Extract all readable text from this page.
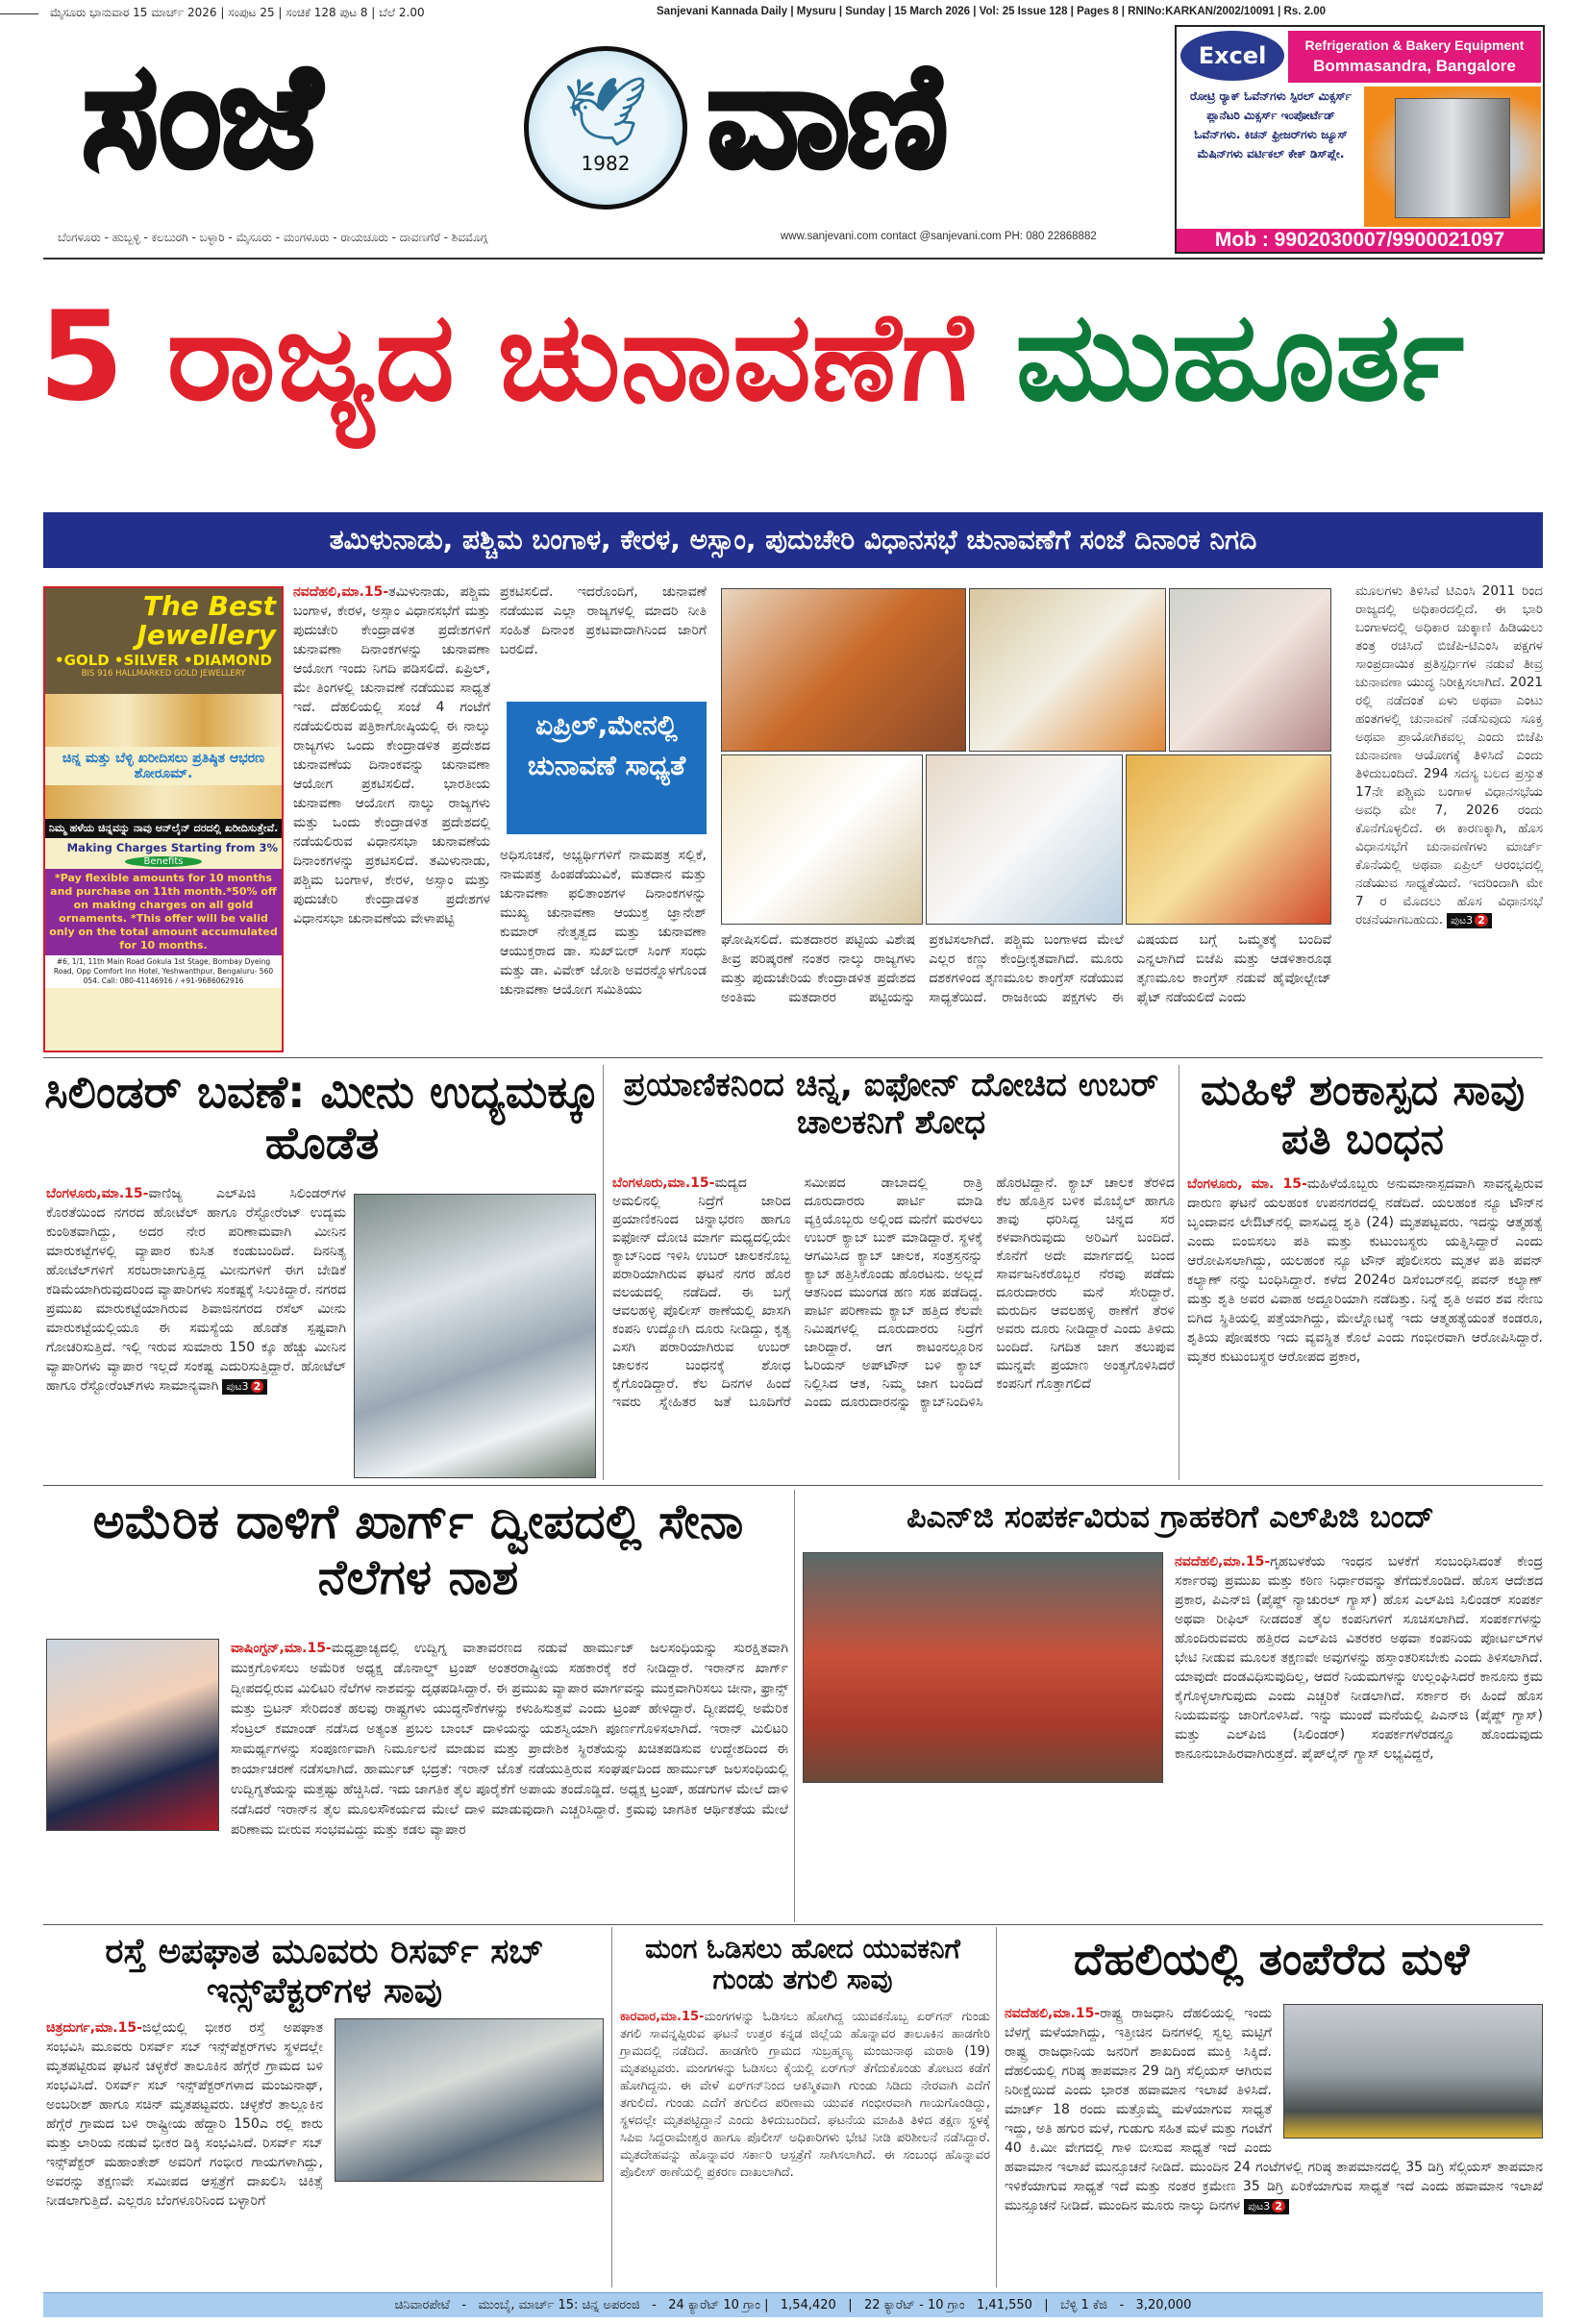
ಮೈಸೂರು ಭಾನುವಾರ 15 ಮಾರ್ಚ್ 2026 | ಸಂಪುಟ 25 | ಸಂಚಿಕೆ 128 ಪುಟ 8 | ಬೆಲೆ 2.00	Sanjevani Kannada Daily | Mysuru | Sunday | 15 March 2026 | Vol: 25 Issue 128 | Pages 8 | RNINo:KARKAN/2002/10091 | Rs. 2.00
ಸಂಜೆ	🕊
1982 ವಾಣಿ
ಬೆಂಗಳೂರು - ಹುಬ್ಬಳ್ಳಿ - ಕಲಬುರಗಿ - ಬಳ್ಳಾರಿ - ಮೈಸೂರು - ಮಂಗಳೂರು - ರಾಯಚೂರು - ದಾವಣಗೆರೆ - ಶಿವಮೊಗ್ಗ	www.sanjevani.com contact @sanjevani.com PH: 080 22868882
Excel	Refrigeration & Bakery Equipment
Bommasandra, Bangalore
ರೋಟ್ರಿ ರ್‍ಯಾಕ್ ಓವೆನ್‌ಗಳು ಸ್ಪಿರಲ್ ಮಿಕ್ಸರ್ಸ್ ಪ್ಲಾನೆಟರಿ ಮಿಕ್ಸರ್ಸ್ ಇಂಪೋರ್ಟೆಡ್ ಓವೆನ್‌ಗಳು. ಕಿಚನ್ ಫ್ರೀಜರ್‌ಗಳು ಜ್ಯೂಸ್ ಮೆಷಿನ್‌ಗಳು ವರ್ಟಿಕಲ್ ಕೇಕ್ ಡಿಸ್‌ಪ್ಲೇ.
Mob : 9902030007/9900021097
5 ರಾಜ್ಯದ ಚುನಾವಣೆಗೆ ಮುಹೂರ್ತ
ತಮಿಳುನಾಡು, ಪಶ್ಚಿಮ ಬಂಗಾಳ, ಕೇರಳ, ಅಸ್ಸಾಂ, ಪುದುಚೇರಿ ವಿಧಾನಸಭೆ ಚುನಾವಣೆಗೆ ಸಂಜೆ ದಿನಾಂಕ ನಿಗದಿ
The Best
Jewellery
•GOLD •SILVER •DIAMOND
BIS 916 HALLMARKED GOLD JEWELLERY
ಚಿನ್ನ ಮತ್ತು ಬೆಳ್ಳಿ ಖರೀದಿಸಲು ಪ್ರತಿಷ್ಠಿತ ಆಭರಣ ಶೋರೂಮ್.
ನಿಮ್ಮ ಹಳೆಯ ಚಿನ್ನವನ್ನು ನಾವು ಆನ್‌ಲೈನ್ ದರದಲ್ಲಿ ಖರೀದಿಸುತ್ತೇವೆ.
Making Charges Starting from 3%
Benefits
*Pay flexible amounts for 10 months and purchase on 11th month.*50% off on making charges on all gold ornaments. *This offer will be valid only on the total amount accumulated for 10 months.
#6, 1/1, 11th Main Road Gokula 1st Stage, Bombay Dyeing Road, Opp Comfort Inn Hotel, Yeshwanthpur, Bengaluru- 560 054. Call: 080-41146916 / +91-9686062916
ನವದೆಹಲಿ,ಮಾ.15-ತಮಿಳುನಾಡು, ಪಶ್ಚಿಮ ಬಂಗಾಳ, ಕೇರಳ, ಅಸ್ಸಾಂ ವಿಧಾನಸಭೆಗೆ ಮತ್ತು ಪುದುಚೇರಿ ಕೇಂದ್ರಾಡಳಿತ ಪ್ರದೇಶಗಳಿಗೆ ಚುನಾವಣಾ ದಿನಾಂಕಗಳನ್ನು ಚುನಾವಣಾ ಆಯೋಗ ಇಂದು ನಿಗದಿ ಪಡಿಸಲಿದೆ. ಏಪ್ರಿಲ್, ಮೇ ತಿಂಗಳಲ್ಲಿ ಚುನಾವಣೆ ನಡೆಯುವ ಸಾಧ್ಯತೆ ಇದೆ. ದೆಹಲಿಯಲ್ಲಿ ಸಂಜೆ 4 ಗಂಟೆಗೆ ನಡೆಯಲಿರುವ ಪತ್ರಿಕಾಗೋಷ್ಠಿಯಲ್ಲಿ ಈ ನಾಲ್ಕು ರಾಜ್ಯಗಳು ಒಂದು ಕೇಂದ್ರಾಡಳಿತ ಪ್ರದೇಶದ ಚುನಾವಣೆಯ ದಿನಾಂಕವನ್ನು ಚುನಾವಣಾ ಆಯೋಗ ಪ್ರಕಟಿಸಲಿದೆ. ಭಾರತೀಯ ಚುನಾವಣಾ ಆಯೋಗ ನಾಲ್ಕು ರಾಜ್ಯಗಳು ಮತ್ತು ಒಂದು ಕೇಂದ್ರಾಡಳಿತ ಪ್ರದೇಶದಲ್ಲಿ ನಡೆಯಲಿರುವ ವಿಧಾನಸಭಾ ಚುನಾವಣೆಯ ದಿನಾಂಕಗಳನ್ನು ಪ್ರಕಟಿಸಲಿದೆ. ತಮಿಳುನಾಡು, ಪಶ್ಚಿಮ ಬಂಗಾಳ, ಕೇರಳ, ಅಸ್ಸಾಂ ಮತ್ತು ಪುದುಚೇರಿ ಕೇಂದ್ರಾಡಳಿತ ಪ್ರದೇಶಗಳ ವಿಧಾನಸಭಾ ಚುನಾವಣೆಯ ವೇಳಾಪಟ್ಟಿ
ಪ್ರಕಟಿಸಲಿದೆ. ಇದರೊಂದಿಗೆ, ಚುನಾವಣೆ ನಡೆಯುವ ಎಲ್ಲಾ ರಾಜ್ಯಗಳಲ್ಲಿ ಮಾದರಿ ನೀತಿ ಸಂಹಿತೆ ದಿನಾಂಕ ಪ್ರಕಟವಾದಾಗಿನಿಂದ ಜಾರಿಗೆ ಬರಲಿದೆ.
ಏಪ್ರಿಲ್,ಮೇನಲ್ಲಿ ಚುನಾವಣೆ ಸಾಧ್ಯತೆ
ಅಧಿಸೂಚನೆ, ಅಭ್ಯರ್ಥಿಗಳಿಗೆ ನಾಮಪತ್ರ ಸಲ್ಲಿಕೆ, ನಾಮಪತ್ರ ಹಿಂಪಡೆಯುವಿಕೆ, ಮತದಾನ ಮತ್ತು ಚುನಾವಣಾ ಫಲಿತಾಂಶಗಳ ದಿನಾಂಕಗಳನ್ನು ಮುಖ್ಯ ಚುನಾವಣಾ ಆಯುಕ್ತ ಜ್ಞಾನೇಶ್ ಕುಮಾರ್ ನೇತೃತ್ವದ ಮತ್ತು ಚುನಾವಣಾ ಆಯುಕ್ತರಾದ ಡಾ. ಸುಖ್‌ಬೀರ್ ಸಿಂಗ್ ಸಂಧು ಮತ್ತು ಡಾ. ವಿವೇಕ್ ಜೋಶಿ ಅವರನ್ನೊಳಗೊಂಡ ಚುನಾವಣಾ ಆಯೋಗ ಸಮಿತಿಯು
ಘೋಷಿಸಲಿದೆ. ಮತದಾರರ ಪಟ್ಟಿಯ ವಿಶೇಷ ತೀವ್ರ ಪರಿಷ್ಕರಣೆ ನಂತರ ನಾಲ್ಕು ರಾಜ್ಯಗಳು ಮತ್ತು ಪುದುಚೇರಿಯ ಕೇಂದ್ರಾಡಳಿತ ಪ್ರದೇಶದ ಅಂತಿಮ ಮತದಾರರ ಪಟ್ಟಿಯನ್ನು ಪ್ರಕಟಿಸಲಾಗಿದೆ. ಪಶ್ಚಿಮ ಬಂಗಾಳದ ಮೇಲೆ ಎಲ್ಲರ ಕಣ್ಣು ಕೇಂದ್ರೀಕೃತವಾಗಿದೆ. ಮೂರು ದಶಕಗಳಿಂದ ತೃಣಮೂಲ ಕಾಂಗ್ರೆಸ್ ನಡೆಯುವ ಸಾಧ್ಯತೆಯಿದೆ. ರಾಜಕೀಯ ಪಕ್ಷಗಳು ಈ ವಿಷಯದ ಬಗ್ಗೆ ಒಮ್ಮತಕ್ಕೆ ಬಂದಿವೆ ಎನ್ನಲಾಗಿದೆ ಬಿಜೆಪಿ ಮತ್ತು ಆಡಳಿತಾರೂಢ ತೃಣಮೂಲ ಕಾಂಗ್ರೆಸ್ ನಡುವೆ ಹೈವೋಲ್ಟೇಜ್ ಫೈಟ್ ನಡೆಯಲಿದೆ ಎಂದು
ಮೂಲಗಳು ತಿಳಿಸಿವೆ ಟಿಎಂಸಿ 2011 ರಿಂದ ರಾಜ್ಯದಲ್ಲಿ ಅಧಿಕಾರದಲ್ಲಿದೆ. ಈ ಭಾರಿ ಬಂಗಾಳದಲ್ಲಿ ಅಧಿಕಾರ ಚುಕ್ಕಾಣಿ ಹಿಡಿಯಲು ತಂತ್ರ ರಚಿಸಿದೆ ಬಿಜೆಪಿ-ಟಿಎಂಸಿ ಪಕ್ಷಗಳ ಸಾಂಪ್ರದಾಯಿಕ ಪ್ರತಿಸ್ಪರ್ಧಿಗಳ ನಡುವೆ ತೀವ್ರ ಚುನಾವಣಾ ಯುದ್ಧ ನಿರೀಕ್ಷಿಸಲಾಗಿದೆ. 2021 ರಲ್ಲಿ ನಡೆದಂತೆ ಏಳು ಅಥವಾ ಎಂಟು ಹಂತಗಳಲ್ಲಿ ಚುನಾವಣೆ ನಡೆಸುವುದು ಸೂಕ್ತ ಅಥವಾ ಪ್ರಾಯೋಗಿಕವಲ್ಲ ಎಂದು ಬಿಜೆಪಿ ಚುನಾವಣಾ ಆಯೋಗಕ್ಕೆ ತಿಳಿಸಿದೆ ಎಂದು ತಿಳಿದುಬಂದಿದೆ. 294 ಸದಸ್ಯ ಬಲದ ಪ್ರಸ್ತುತ 17ನೇ ಪಶ್ಚಿಮ ಬಂಗಾಳ ವಿಧಾನಸಭೆಯ ಅವಧಿ ಮೇ 7, 2026 ರಂದು ಕೊನೆಗೊಳ್ಳಲಿದೆ. ಈ ಕಾರಣಕ್ಕಾಗಿ, ಹೊಸ ವಿಧಾನಸಭೆಗೆ ಚುನಾವಣೆಗಳು ಮಾರ್ಚ್ ಕೊನೆಯಲ್ಲಿ ಅಥವಾ ಏಪ್ರಿಲ್ ಆರಂಭದಲ್ಲಿ ನಡೆಯುವ ಸಾಧ್ಯತೆಯಿದೆ. ಇದರಿಂದಾಗಿ ಮೇ 7 ರ ಮೊದಲು ಹೊಸ ವಿಧಾನಸಭೆ ರಚನೆಯಾಗಬಹುದು. ಪುಟ3 2
ಸಿಲಿಂಡರ್ ಬವಣೆ: ಮೀನು ಉದ್ಯಮಕ್ಕೂ ಹೊಡೆತ
ಬೆಂಗಳೂರು,ಮಾ.15-ವಾಣಿಜ್ಯ ಎಲ್‌ಪಿಜಿ ಸಿಲಿಂಡರ್‌ಗಳ ಕೊರತೆಯಿಂದ ನಗರದ ಹೋಟೆಲ್ ಹಾಗೂ ರೆಸ್ಟೋರೆಂಟ್ ಉದ್ಯಮ ಕುಂಠಿತವಾಗಿದ್ದು, ಅದರ ನೇರ ಪರಿಣಾಮವಾಗಿ ಮೀನಿನ ಮಾರುಕಟ್ಟೆಗಳಲ್ಲಿ ವ್ಯಾಪಾರ ಕುಸಿತ ಕಂಡುಬಂದಿದೆ. ದಿನನಿತ್ಯ ಹೋಟೆಲ್‌ಗಳಿಗೆ ಸರಬರಾಜಾಗುತ್ತಿದ್ದ ಮೀನುಗಳಿಗೆ ಈಗ ಬೇಡಿಕೆ ಕಡಿಮೆಯಾಗಿರುವುದರಿಂದ ವ್ಯಾಪಾರಿಗಳು ಸಂಕಷ್ಟಕ್ಕೆ ಸಿಲುಕಿದ್ದಾರೆ. ನಗರದ ಪ್ರಮುಖ ಮಾರುಕಟ್ಟೆಯಾಗಿರುವ ಶಿವಾಜಿನಗರದ ರಸೆಲ್ ಮೀನು ಮಾರುಕಟ್ಟೆಯಲ್ಲಿಯೂ ಈ ಸಮಸ್ಯೆಯ ಹೊಡೆತ ಸ್ಪಷ್ಟವಾಗಿ ಗೋಚರಿಸುತ್ತಿದೆ. ಇಲ್ಲಿ ಇರುವ ಸುಮಾರು 150 ಕ್ಕೂ ಹೆಚ್ಚು ಮೀನಿನ ವ್ಯಾಪಾರಿಗಳು ವ್ಯಾಪಾರ ಇಲ್ಲದೆ ಸಂಕಷ್ಟ ಎದುರಿಸುತ್ತಿದ್ದಾರೆ. ಹೋಟೆಲ್ ಹಾಗೂ ರೆಸ್ಟೋರೆಂಟ್‌ಗಳು ಸಾಮಾನ್ಯವಾಗಿ ಪುಟ3 2
ಪ್ರಯಾಣಿಕನಿಂದ ಚಿನ್ನ, ಐಫೋನ್ ದೋಚಿದ ಉಬರ್ ಚಾಲಕನಿಗೆ ಶೋಧ
ಬೆಂಗಳೂರು,ಮಾ.15-ಮದ್ಯದ ಅಮಲಿನಲ್ಲಿ ನಿದ್ರೆಗೆ ಜಾರಿದ ಪ್ರಯಾಣಿಕನಿಂದ ಚಿನ್ನಾಭರಣ ಹಾಗೂ ಐಫೋನ್ ದೋಚಿ ಮಾರ್ಗ ಮಧ್ಯದಲ್ಲಿಯೇ ಕ್ಯಾಬ್‌ನಿಂದ ಇಳಿಸಿ ಉಬರ್ ಚಾಲಕನೊಬ್ಬ ಪರಾರಿಯಾಗಿರುವ ಘಟನೆ ನಗರ ಹೊರ ವಲಯದಲ್ಲಿ ನಡೆದಿದೆ. ಈ ಬಗ್ಗೆ ಆವಲಹಳ್ಳಿ ಪೊಲೀಸ್ ಠಾಣೆಯಲ್ಲಿ ಖಾಸಗಿ ಕಂಪನಿ ಉದ್ಯೋಗಿ ದೂರು ನೀಡಿದ್ದು, ಕೃತ್ಯ ಎಸಗಿ ಪರಾರಿಯಾಗಿರುವ ಉಬರ್ ಚಾಲಕನ ಬಂಧನಕ್ಕೆ ಶೋಧ ಕೈಗೊಂಡಿದ್ದಾರೆ. ಕೆಲ ದಿನಗಳ ಹಿಂದೆ ಇವರು ಸ್ನೇಹಿತರ ಜತೆ ಬೂದಿಗೆರೆ ಸಮೀಪದ ಡಾಬಾದಲ್ಲಿ ರಾತ್ರಿ ದೂರುದಾರರು ಪಾರ್ಟಿ ಮಾಡಿ ವ್ಯಕ್ತಿಯೊಬ್ಬರು ಅಲ್ಲಿಂದ ಮನೆಗೆ ಮರಳಲು ಉಬರ್ ಕ್ಯಾಬ್ ಬುಕ್ ಮಾಡಿದ್ದಾರೆ. ಸ್ಥಳಕ್ಕೆ ಆಗಮಿಸಿದ ಕ್ಯಾಬ್ ಚಾಲಕ, ಸಂತ್ರಸ್ತನನ್ನು ಕ್ಯಾಬ್ ಹತ್ತಿಸಿಕೊಂಡು ಹೊರಟನು. ಅಲ್ಲದೆ ಆತನಿಂದ ಮುಂಗಡ ಹಣ ಸಹ ಪಡೆದಿದ್ದ. ಪಾರ್ಟಿ ಪರಿಣಾಮ ಕ್ಯಾಬ್ ಹತ್ತಿದ ಕೆಲವೇ ನಿಮಿಷಗಳಲ್ಲಿ ದೂರುದಾರರು ನಿದ್ರೆಗೆ ಜಾರಿದ್ದಾರೆ. ಆಗ ಕಾಟಂನಲ್ಲೂರಿನ ಓರಿಯನ್ ಅಪ್‌ಟೌನ್ ಬಳಿ ಕ್ಯಾಬ್ ನಿಲ್ಲಿಸಿದ ಆತ, ನಿಮ್ಮ ಜಾಗ ಬಂದಿದೆ ಎಂದು ದೂರುದಾರನನ್ನು ಕ್ಯಾಬ್‌ನಿಂದಿಳಿಸಿ ಹೊರಟಿದ್ದಾನೆ. ಕ್ಯಾಬ್ ಚಾಲಕ ತೆರಳಿದ ಕೆಲ ಹೊತ್ತಿನ ಬಳಿಕ ಮೊಬೈಲ್ ಹಾಗೂ ತಾವು ಧರಿಸಿದ್ದ ಚಿನ್ನದ ಸರ ಕಳವಾಗಿರುವುದು ಅರಿವಿಗೆ ಬಂದಿದೆ. ಕೊನೆಗೆ ಅದೇ ಮಾರ್ಗದಲ್ಲಿ ಬಂದ ಸಾರ್ವಜನಿಕರೊಬ್ಬರ ನೆರವು ಪಡೆದು ದೂರುದಾರರು ಮನೆ ಸೇರಿದ್ದಾರೆ. ಮರುದಿನ ಆವಲಹಳ್ಳಿ ಠಾಣೆಗೆ ತೆರಳಿ ಅವರು ದೂರು ನೀಡಿದ್ದಾರೆ ಎಂದು ತಿಳಿದು ಬಂದಿದೆ. ನಿಗದಿತ ಜಾಗ ತಲುಪುವ ಮುನ್ನವೇ ಪ್ರಯಾಣ ಅಂತ್ಯಗೊಳಿಸಿದರೆ ಕಂಪನಿಗೆ ಗೊತ್ತಾಗಲಿದೆ
ಮಹಿಳೆ ಶಂಕಾಸ್ಪದ ಸಾವು ಪತಿ ಬಂಧನ
ಬೆಂಗಳೂರು, ಮಾ. 15-ಮಹಿಳೆಯೊಬ್ಬರು ಅನುಮಾನಾಸ್ಪದವಾಗಿ ಸಾವನ್ನಪ್ಪಿರುವ ದಾರುಣ ಘಟನೆ ಯಲಹಂಕ ಉಪನಗರದಲ್ಲಿ ನಡೆದಿದೆ. ಯಲಹಂಕ ನ್ಯೂ ಟೌನ್‌ನ ಬೃಂದಾವನ ಲೇಔಟ್‌ನಲ್ಲಿ ವಾಸವಿದ್ದ ಶೃತಿ (24) ಮೃತಪಟ್ಟವರು. ಇದನ್ನು ಆತ್ಮಹತ್ಯೆ ಎಂದು ಬಿಂಬಿಸಲು ಪತಿ ಮತ್ತು ಕುಟುಂಬಸ್ಥರು ಯತ್ನಿಸಿದ್ದಾರೆ ಎಂದು ಆರೋಪಿಸಲಾಗಿದ್ದು, ಯಲಹಂಕ ನ್ಯೂ ಟೌನ್ ಪೊಲೀಸರು ಮೃತಳ ಪತಿ ಪವನ್ ಕಲ್ಯಾಣ್ ನನ್ನು ಬಂಧಿಸಿದ್ದಾರೆ. ಕಳೆದ 2024ರ ಡಿಸೆಂಬರ್‌ನಲ್ಲಿ ಪವನ್ ಕಲ್ಯಾಣ್ ಮತ್ತು ಶೃತಿ ಅವರ ವಿವಾಹ ಅದ್ದೂರಿಯಾಗಿ ನಡೆದಿತ್ತು. ನಿನ್ನೆ ಶೃತಿ ಅವರ ಶವ ನೇಣು ಬಿಗಿದ ಸ್ಥಿತಿಯಲ್ಲಿ ಪತ್ತೆಯಾಗಿದ್ದು, ಮೇಲ್ನೋಟಕ್ಕೆ ಇದು ಆತ್ಮಹತ್ಯೆಯಂತೆ ಕಂಡರೂ, ಶೃತಿಯ ಪೋಷಕರು ಇದು ವ್ಯವಸ್ಥಿತ ಕೊಲೆ ಎಂದು ಗಂಭೀರವಾಗಿ ಆರೋಪಿಸಿದ್ದಾರೆ. ಮೃತರ ಕುಟುಂಬಸ್ಥರ ಆರೋಪದ ಪ್ರಕಾರ,
ಅಮೆರಿಕ ದಾಳಿಗೆ ಖಾರ್ಗ್ ದ್ವೀಪದಲ್ಲಿ ಸೇನಾ ನೆಲೆಗಳ ನಾಶ
ವಾಷಿಂಗ್ಟನ್,ಮಾ.15-ಮಧ್ಯಪ್ರಾಚ್ಯದಲ್ಲಿ ಉದ್ವಿಗ್ನ ವಾತಾವರಣದ ನಡುವೆ ಹಾರ್ಮುಜ್ ಜಲಸಂಧಿಯನ್ನು ಸುರಕ್ಷಿತವಾಗಿ ಮುಕ್ತಗೊಳಿಸಲು ಅಮೆರಿಕ ಅಧ್ಯಕ್ಷ ಡೊನಾಲ್ಡ್ ಟ್ರಂಪ್ ಅಂತರರಾಷ್ಟ್ರೀಯ ಸಹಕಾರಕ್ಕೆ ಕರೆ ನೀಡಿದ್ದಾರೆ. ಇರಾನ್‌ನ ಖಾರ್ಗ್ ದ್ವೀಪದಲ್ಲಿರುವ ಮಿಲಿಟರಿ ನೆಲೆಗಳ ನಾಶವನ್ನು ದೃಢಪಡಿಸಿದ್ದಾರೆ. ಈ ಪ್ರಮುಖ ವ್ಯಾಪಾರ ಮಾರ್ಗವನ್ನು ಮುಕ್ತವಾಗಿರಿಸಲು ಚೀನಾ, ಫ್ರಾನ್ಸ್ ಮತ್ತು ಬ್ರಿಟನ್ ಸೇರಿದಂತೆ ಹಲವು ರಾಷ್ಟ್ರಗಳು ಯುದ್ಧನೌಕೆಗಳನ್ನು ಕಳುಹಿಸುತ್ತವೆ ಎಂದು ಟ್ರಂಪ್ ಹೇಳಿದ್ದಾರೆ. ದ್ವೀಪದಲ್ಲಿ ಅಮೆರಿಕ ಸೆಂಟ್ರಲ್ ಕಮಾಂಡ್ ನಡೆಸಿದ ಅತ್ಯಂತ ಪ್ರಬಲ ಬಾಂಬ್ ದಾಳಿಯನ್ನು ಯಶಸ್ವಿಯಾಗಿ ಪೂರ್ಣಗೊಳಿಸಲಾಗಿದೆ. ಇರಾನ್ ಮಿಲಿಟರಿ ಸಾಮರ್ಥ್ಯಗಳನ್ನು ಸಂಪೂರ್ಣವಾಗಿ ನಿರ್ಮೂಲನೆ ಮಾಡುವ ಮತ್ತು ಪ್ರಾದೇಶಿಕ ಸ್ಥಿರತೆಯನ್ನು ಖಚಿತಪಡಿಸುವ ಉದ್ದೇಶದಿಂದ ಈ ಕಾರ್ಯಾಚರಣೆ ನಡೆಸಲಾಗಿದೆ. ಹಾರ್ಮುಜ್ ಭದ್ರತೆ: ಇರಾನ್ ಜೊತೆ ನಡೆಯುತ್ತಿರುವ ಸಂಘರ್ಷದಿಂದ ಹಾರ್ಮುಜ್ ಜಲಸಂಧಿಯಲ್ಲಿ ಉದ್ವಿಗ್ನತೆಯನ್ನು ಮತ್ತಷ್ಟು ಹೆಚ್ಚಿಸಿದೆ. ಇದು ಜಾಗತಿಕ ತೈಲ ಪೂರೈಕೆಗೆ ಅಪಾಯ ತಂದೊಡ್ಡಿದೆ. ಅಧ್ಯಕ್ಷ ಟ್ರಂಪ್, ಹಡಗುಗಳ ಮೇಲೆ ದಾಳಿ ನಡೆಸಿದರೆ ಇರಾನ್‌ನ ತೈಲ ಮೂಲಸೌಕರ್ಯದ ಮೇಲೆ ದಾಳಿ ಮಾಡುವುದಾಗಿ ಎಚ್ಚರಿಸಿದ್ದಾರೆ. ಕ್ರಮವು ಜಾಗತಿಕ ಆರ್ಥಿಕತೆಯ ಮೇಲೆ ಪರಿಣಾಮ ಬೀರುವ ಸಂಭವವಿದ್ದು ಮತ್ತು ಕಡಲ ವ್ಯಾಪಾರ
ಪಿಎನ್‌ಜಿ ಸಂಪರ್ಕವಿರುವ ಗ್ರಾಹಕರಿಗೆ ಎಲ್‌ಪಿಜಿ ಬಂದ್
ನವದೆಹಲಿ,ಮಾ.15-ಗೃಹಬಳಕೆಯ ಇಂಧನ ಬಳಕೆಗೆ ಸಂಬಂಧಿಸಿದಂತೆ ಕೇಂದ್ರ ಸರ್ಕಾರವು ಪ್ರಮುಖ ಮತ್ತು ಕಠಿಣ ನಿರ್ಧಾರವನ್ನು ತೆಗೆದುಕೊಂಡಿದೆ. ಹೊಸ ಆದೇಶದ ಪ್ರಕಾರ, ಪಿಎನ್‌ಜಿ (ಪೈಪ್ಡ್ ನ್ಯಾಚುರಲ್ ಗ್ಯಾಸ್) ಹೊಸ ಎಲ್‌ಪಿಜಿ ಸಿಲಿಂಡರ್ ಸಂಪರ್ಕ ಅಥವಾ ರೀಫಿಲ್ ನೀಡದಂತೆ ತೈಲ ಕಂಪನಿಗಳಿಗೆ ಸೂಚಿಸಲಾಗಿದೆ. ಸಂಪರ್ಕಗಳನ್ನು ಹೊಂದಿರುವವರು ಹತ್ತಿರದ ಎಲ್‌ಪಿಜಿ ವಿತರಕರ ಅಥವಾ ಕಂಪನಿಯ ಪೋರ್ಟಲ್‌ಗಳ ಭೇಟಿ ನೀಡುವ ಮೂಲಕ ತಕ್ಷಣವೇ ಅವುಗಳನ್ನು ಹಸ್ತಾಂತರಿಸಬೇಕು ಎಂದು ತಿಳಿಸಲಾಗಿದೆ. ಯಾವುದೇ ದಂಡವಿಧಿಸುವುದಿಲ್ಲ, ಆದರೆ ನಿಯಮಗಳನ್ನು ಉಲ್ಲಂಘಿಸಿದರೆ ಕಾನೂನು ಕ್ರಮ ಕೈಗೊಳ್ಳಲಾಗುವುದು ಎಂದು ಎಚ್ಚರಿಕೆ ನೀಡಲಾಗಿದೆ. ಸರ್ಕಾರ ಈ ಹಿಂದೆ ಹೊಸ ನಿಯಮವನ್ನು ಜಾರಿಗೊಳಿಸಿದೆ. ಇನ್ನು ಮುಂದೆ ಮನೆಯಲ್ಲಿ ಪಿಎನ್‌ಜಿ (ಪೈಪ್ಡ್ ಗ್ಯಾಸ್) ಮತ್ತು ಎಲ್‌ಪಿಜಿ (ಸಿಲಿಂಡರ್) ಸಂಪರ್ಕಗಳೆರಡನ್ನೂ ಹೊಂದುವುದು ಕಾನೂನುಬಾಹಿರವಾಗಿರುತ್ತದೆ. ಪೈಪ್‌ಲೈನ್ ಗ್ಯಾಸ್ ಲಭ್ಯವಿದ್ದರೆ,
ರಸ್ತೆ ಅಪಘಾತ ಮೂವರು ರಿಸರ್ವ್ ಸಬ್ ಇನ್ಸ್‌ಪೆಕ್ಟರ್‌ಗಳ ಸಾವು
ಚಿತ್ರದುರ್ಗ,ಮಾ.15-ಜಿಲ್ಲೆಯಲ್ಲಿ ಭೀಕರ ರಸ್ತೆ ಅಪಘಾತ ಸಂಭವಿಸಿ ಮೂವರು ರಿಸರ್ವ್ ಸಬ್ ಇನ್ಸ್‌ಪೆಕ್ಟರ್‌ಗಳು ಸ್ಥಳದಲ್ಲೇ ಮೃತಪಟ್ಟಿರುವ ಘಟನೆ ಚಳ್ಳಕೆರೆ ತಾಲೂಕಿನ ಹೆಗ್ಗೆರೆ ಗ್ರಾಮದ ಬಳಿ ಸಂಭವಿಸಿದೆ. ರಿಸರ್ವ್ ಸಬ್ ಇನ್ಸ್‌ಪೆಕ್ಟರ್‌ಗಳಾದ ಮಂಜುನಾಥ್, ಅಂಬರೀಶ್ ಹಾಗೂ ಸಚಿನ್ ಮೃತಪಟ್ಟವರು. ಚಳ್ಳಕೆರೆ ತಾಲ್ಲೂಕಿನ ಹೆಗ್ಗೆರೆ ಗ್ರಾಮದ ಬಳಿ ರಾಷ್ಟ್ರೀಯ ಹೆದ್ದಾರಿ 150ಎ ರಲ್ಲಿ ಕಾರು ಮತ್ತು ಲಾರಿಯ ನಡುವೆ ಭೀಕರ ಡಿಕ್ಕಿ ಸಂಭವಿಸಿದೆ. ರಿಸರ್ವ್ ಸಬ್ ಇನ್ಸ್‌ಪೆಕ್ಟರ್ ಮಹಾಂತೇಶ್ ಅವರಿಗೆ ಗಂಭೀರ ಗಾಯಗಳಾಗಿದ್ದು, ಅವರನ್ನು ತಕ್ಷಣವೇ ಸಮೀಪದ ಆಸ್ಪತ್ರೆಗೆ ದಾಖಲಿಸಿ ಚಿಕಿತ್ಸೆ ನೀಡಲಾಗುತ್ತಿದೆ. ಎಲ್ಲರೂ ಬೆಂಗಳೂರಿನಿಂದ ಬಳ್ಳಾರಿಗೆ
ಮಂಗ ಓಡಿಸಲು ಹೋದ ಯುವಕನಿಗೆ ಗುಂಡು ತಗುಲಿ ಸಾವು
ಕಾರವಾರ,ಮಾ.15-ಮಂಗಗಳನ್ನು ಓಡಿಸಲು ಹೋಗಿದ್ದ ಯುವಕನೊಬ್ಬ ಏರ್‌ಗನ್ ಗುಂಡು ತಗಲಿ ಸಾವನ್ನಪ್ಪಿರುವ ಘಟನೆ ಉತ್ತರ ಕನ್ನಡ ಜಿಲ್ಲೆಯ ಹೊನ್ನಾವರ ತಾಲೂಕಿನ ಹಾಡಗೇರಿ ಗ್ರಾಮದಲ್ಲಿ ನಡೆದಿದೆ. ಹಾಡಗೇರಿ ಗ್ರಾಮದ ಸುಬ್ರಹ್ಮಣ್ಯ ಮಂಜುನಾಥ ಮರಾಠಿ (19) ಮೃತಪಟ್ಟವರು. ಮಂಗಗಳನ್ನು ಓಡಿಸಲು ಕೈಯಲ್ಲಿ ಏರ್‌ಗನ್ ತೆಗೆದುಕೊಂಡು ತೋಟದ ಕಡೆಗೆ ಹೋಗಿದ್ದನು. ಈ ವೇಳೆ ಏರ್‌ಗನ್‌ನಿಂದ ಆಕಸ್ಮಿಕವಾಗಿ ಗುಂಡು ಸಿಡಿದು ನೇರವಾಗಿ ಎದೆಗೆ ತಗುಲಿದೆ. ಗುಂಡು ಎದೆಗೆ ತಗುಲಿದ ಪರಿಣಾಮ ಯುವಕ ಗಂಭೀರವಾಗಿ ಗಾಯಗೊಂಡಿದ್ದು, ಸ್ಥಳದಲ್ಲೇ ಮೃತಪಟ್ಟಿದ್ದಾನೆ ಎಂದು ತಿಳಿದುಬಂದಿದೆ. ಘಟನೆಯ ಮಾಹಿತಿ ತಿಳಿದ ತಕ್ಷಣ ಸ್ಥಳಕ್ಕೆ ಸಿಪಿಐ ಸಿದ್ದರಾಮೇಶ್ವರ ಹಾಗೂ ಪೊಲೀಸ್ ಅಧಿಕಾರಿಗಳು ಭೇಟಿ ನೀಡಿ ಪರಿಶೀಲನೆ ನಡೆಸಿದ್ದಾರೆ. ಮೃತದೇಹವನ್ನು ಹೊನ್ನಾವರ ಸರ್ಕಾರಿ ಆಸ್ಪತ್ರೆಗೆ ಸಾಗಿಸಲಾಗಿದೆ. ಈ ಸಂಬಂಧ ಹೊನ್ನಾವರ ಪೊಲೀಸ್ ಠಾಣೆಯಲ್ಲಿ ಪ್ರಕರಣ ದಾಖಲಾಗಿದೆ.
ದೆಹಲಿಯಲ್ಲಿ ತಂಪೆರೆದ ಮಳೆ
ನವದೆಹಲಿ,ಮಾ.15-ರಾಷ್ಟ್ರ ರಾಜಧಾನಿ ದೆಹಲಿಯಲ್ಲಿ ಇಂದು ಬೆಳಗ್ಗೆ ಮಳೆಯಾಗಿದ್ದು, ಇತ್ತೀಚಿನ ದಿನಗಳಲ್ಲಿ ಸ್ವಲ್ಪ ಮಟ್ಟಿಗೆ ರಾಷ್ಟ್ರ ರಾಜಧಾನಿಯ ಜನರಿಗೆ ಶಾಖದಿಂದ ಮುಕ್ತಿ ಸಿಕ್ಕಿದೆ. ದೆಹಲಿಯಲ್ಲಿ ಗರಿಷ್ಠ ತಾಪಮಾನ 29 ಡಿಗ್ರಿ ಸೆಲ್ಸಿಯಸ್ ಆಗಿರುವ ನಿರೀಕ್ಷೆಯಿದೆ ಎಂದು ಭಾರತ ಹವಾಮಾನ ಇಲಾಖೆ ತಿಳಿಸಿದೆ. ಮಾರ್ಚ್ 18 ರಂದು ಮತ್ತೊಮ್ಮೆ ಮಳೆಯಾಗುವ ಸಾಧ್ಯತೆ ಇದ್ದು, ಅತಿ ಹಗುರ ಮಳೆ, ಗುಡುಗು ಸಹಿತ ಮಳೆ ಮತ್ತು ಗಂಟೆಗೆ 40 ಕಿ.ಮೀ ವೇಗದಲ್ಲಿ ಗಾಳಿ ಬೀಸುವ ಸಾಧ್ಯತೆ ಇದೆ ಎಂದು ಹವಾಮಾನ ಇಲಾಖೆ ಮುನ್ಸೂಚನೆ ನೀಡಿದೆ. ಮುಂದಿನ 24 ಗಂಟೆಗಳಲ್ಲಿ ಗರಿಷ್ಠ ತಾಪಮಾನದಲ್ಲಿ 35 ಡಿಗ್ರಿ ಸೆಲ್ಸಿಯಸ್ ತಾಪಮಾನ ಇಳಿಕೆಯಾಗುವ ಸಾಧ್ಯತೆ ಇದೆ ಮತ್ತು ನಂತರ ಕ್ರಮೇಣ 35 ಡಿಗ್ರಿ ಏರಿಕೆಯಾಗುವ ಸಾಧ್ಯತೆ ಇದೆ ಎಂದು ಹವಾಮಾನ ಇಲಾಖೆ ಮುನ್ಸೂಚನೆ ನೀಡಿದೆ. ಮುಂದಿನ ಮೂರು ನಾಲ್ಕು ದಿನಗಳ ಪುಟ3 2
ಚಿನಿವಾರಪೇಟೆ   -   ಮುಂಬೈ, ಮಾರ್ಚ್ 15: ಚಿನ್ನ ಅಪರಂಜಿ   -   24 ಕ್ಯಾರೆಟ್ 10 ಗ್ರಾಂ |   1,54,420   |   22 ಕ್ಯಾರೆಟ್ - 10 ಗ್ರಾಂ 1,41,550   |   ಬೆಳ್ಳಿ 1 ಕೆಜಿ   -   3,20,000
